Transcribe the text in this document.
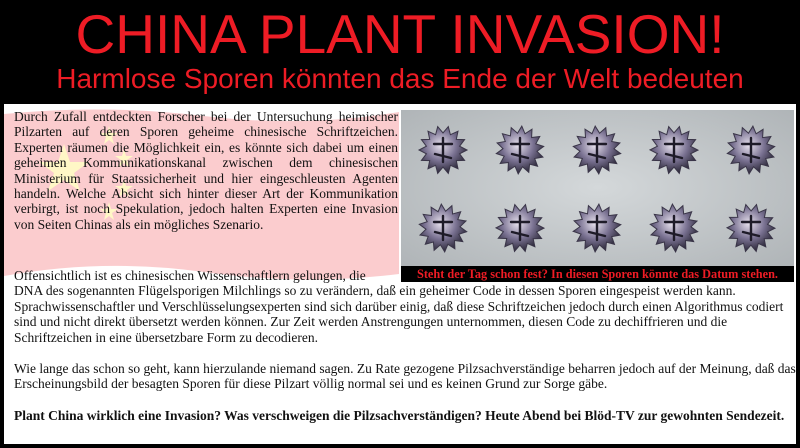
CHINA PLANT INVASION!
Harmlose Sporen könnten das Ende der Welt bedeuten

Durch Zufall entdeckten Forscher bei der Untersuchung heimischer Pilzarten auf deren Sporen geheime chinesische Schriftzeichen. Experten räumen die Möglichkeit ein, es könnte sich dabei um einen geheimen Kommunikationskanal zwischen dem chinesischen Ministerium für Staatssicherheit und hier eingeschleusten Agenten handeln. Welche Absicht sich hinter dieser Art der Kommunikation verbirgt, ist noch Spekulation, jedoch halten Experten eine Invasion von Seiten Chinas als ein mögliches Szenario.

Steht der Tag schon fest? In diesen Sporen könnte das Datum stehen.

Offensichtlich ist es chinesischen Wissenschaftlern gelungen, die
DNA des sogenannten Flügelsporigen Milchlings so zu verändern, daß ein geheimer Code in dessen Sporen eingespeist werden kann. Sprachwissenschaftler und Verschlüsselungsexperten sind sich darüber einig, daß diese Schriftzeichen jedoch durch einen Algorithmus codiert sind und nicht direkt übersetzt werden können. Zur Zeit werden Anstrengungen unternommen, diesen Code zu dechiffrieren und die Schriftzeichen in eine übersetzbare Form zu decodieren.

Wie lange das schon so geht, kann hierzulande niemand sagen. Zu Rate gezogene Pilzsachverständige beharren jedoch auf der Meinung, daß das Erscheinungsbild der besagten Sporen für diese Pilzart völlig normal sei und es keinen Grund zur Sorge gäbe.

Plant China wirklich eine Invasion? Was verschweigen die Pilzsachverständigen? Heute Abend bei Blöd-TV zur gewohnten Sendezeit.
